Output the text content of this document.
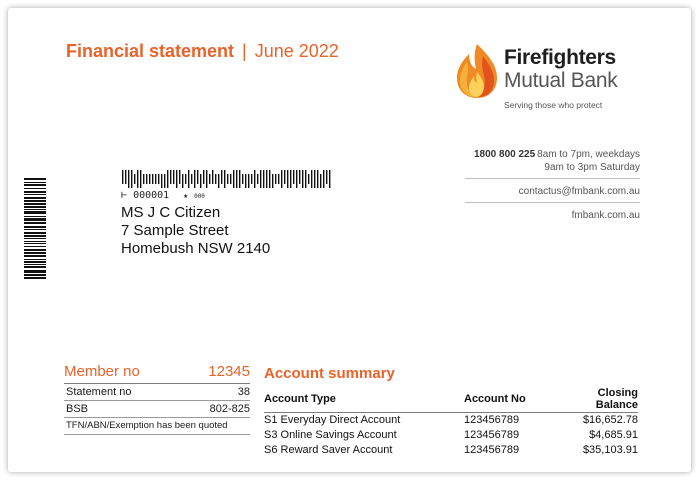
Financial statement | June 2022	Firefighters
Mutual Bank
Serving those who protect
1800 800 225 8am to 7pm, weekdays
9am to 3pm Saturday
contactus@fmbank.com.au
fmbank.com.au
⊢ 000001 ★ 000
MS J C Citizen
7 Sample Street
Homebush NSW 2140
Member no	12345
Statement no	38
BSB	802-825
TFN/ABN/Exemption has been quoted
Account summary
Account Type	Account No	Closing Balance
S1 Everyday Direct Account	123456789	$16,652.78
S3 Online Savings Account	123456789	$4,685.91
S6 Reward Saver Account	123456789	$35,103.91
